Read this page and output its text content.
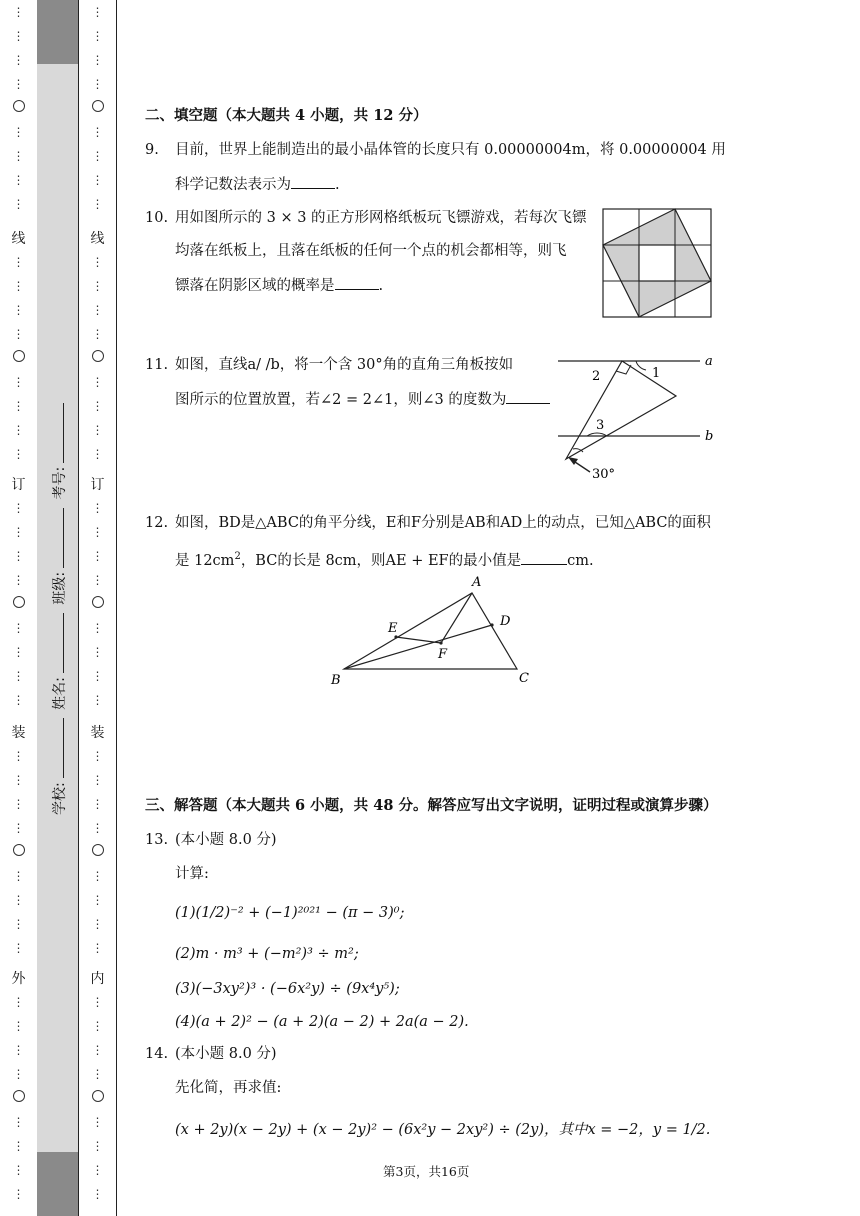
⋮
⋮
⋮
⋮

⋮
⋮
⋮
⋮
线
⋮
⋮
⋮
⋮

⋮
⋮
⋮
⋮
订
⋮
⋮
⋮
⋮

⋮
⋮
⋮
⋮
装
⋮
⋮
⋮
⋮

⋮
⋮
⋮
⋮
外
⋮
⋮
⋮
⋮

⋮
⋮
⋮
⋮
学校: 姓名: 班级: 考号:
⋮
⋮
⋮
⋮

⋮
⋮
⋮
⋮
线
⋮
⋮
⋮
⋮

⋮
⋮
⋮
⋮
订
⋮
⋮
⋮
⋮

⋮
⋮
⋮
⋮
装
⋮
⋮
⋮
⋮

⋮
⋮
⋮
⋮
内
⋮
⋮
⋮
⋮

⋮
⋮
⋮
⋮
二、填空题（本大题共 4 小题，共 12 分）
9. 目前，世界上能制造出的最小晶体管的长度只有 0.00000004m，将 0.00000004 用
科学记数法表示为	.
10. 用如图所示的 3 × 3 的正方形网格纸板玩飞镖游戏，若每次飞镖
均落在纸板上，且落在纸板的任何一个点的机会都相等，则飞
镖落在阴影区域的概率是	.
11. 如图，直线a/ /b，将一个含 30°角的直角三角板按如
图所示的位置放置，若∠2 = 2∠1，则∠3 的度数为
a
b
1
2
3
30°
12. 如图，BD是△ABC的角平分线，E和F分别是AB和AD上的动点，已知△ABC的面积
是 $12cm^2$，BC的长是 8cm，则AE + EF的最小值是	cm.
A
B	C
D
E
F
三、解答题（本大题共 6 小题，共 48 分。解答应写出文字说明，证明过程或演算步骤）
13. (本小题 8.0 分)
计算:
(1)(1/2)⁻² + (−1)²⁰²¹ − (π − 3)⁰;
(2)m · m³ + (−m²)³ ÷ m²;
(3)(−3xy²)³ · (−6x²y) ÷ (9x⁴y⁵);
(4)(a + 2)² − (a + 2)(a − 2) + 2a(a − 2).
14. (本小题 8.0 分)
先化简，再求值:
(x + 2y)(x − 2y) + (x − 2y)² − (6x²y − 2xy²) ÷ (2y)，其中x = −2，y = 1/2.
第3页，共16页
